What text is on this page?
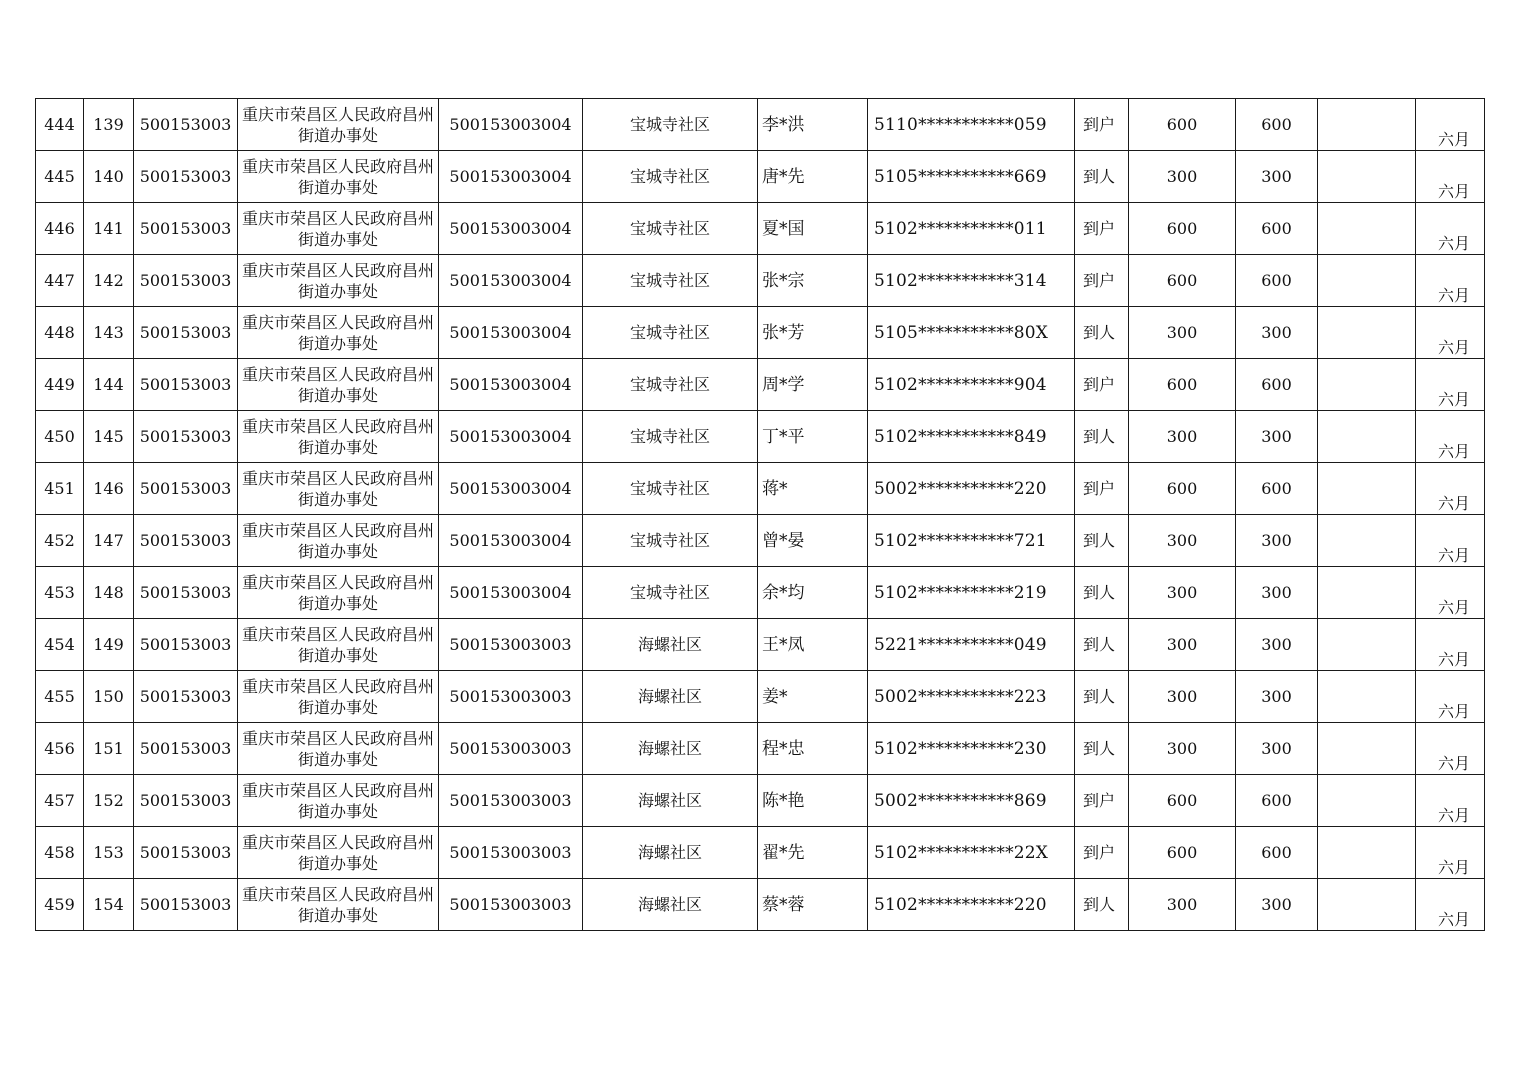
444	139	500153003	重庆市荣昌区人民政府昌州街道办事处	500153003004	宝城寺社区	李*洪	5110***********059	到户	600	600		六月
445	140	500153003	重庆市荣昌区人民政府昌州街道办事处	500153003004	宝城寺社区	唐*先	5105***********669	到人	300	300		六月
446	141	500153003	重庆市荣昌区人民政府昌州街道办事处	500153003004	宝城寺社区	夏*国	5102***********011	到户	600	600		六月
447	142	500153003	重庆市荣昌区人民政府昌州街道办事处	500153003004	宝城寺社区	张*宗	5102***********314	到户	600	600		六月
448	143	500153003	重庆市荣昌区人民政府昌州街道办事处	500153003004	宝城寺社区	张*芳	5105***********80X	到人	300	300		六月
449	144	500153003	重庆市荣昌区人民政府昌州街道办事处	500153003004	宝城寺社区	周*学	5102***********904	到户	600	600		六月
450	145	500153003	重庆市荣昌区人民政府昌州街道办事处	500153003004	宝城寺社区	丁*平	5102***********849	到人	300	300		六月
451	146	500153003	重庆市荣昌区人民政府昌州街道办事处	500153003004	宝城寺社区	蒋*	5002***********220	到户	600	600		六月
452	147	500153003	重庆市荣昌区人民政府昌州街道办事处	500153003004	宝城寺社区	曾*晏	5102***********721	到人	300	300		六月
453	148	500153003	重庆市荣昌区人民政府昌州街道办事处	500153003004	宝城寺社区	余*均	5102***********219	到人	300	300		六月
454	149	500153003	重庆市荣昌区人民政府昌州街道办事处	500153003003	海螺社区	王*凤	5221***********049	到人	300	300		六月
455	150	500153003	重庆市荣昌区人民政府昌州街道办事处	500153003003	海螺社区	姜*	5002***********223	到人	300	300		六月
456	151	500153003	重庆市荣昌区人民政府昌州街道办事处	500153003003	海螺社区	程*忠	5102***********230	到人	300	300		六月
457	152	500153003	重庆市荣昌区人民政府昌州街道办事处	500153003003	海螺社区	陈*艳	5002***********869	到户	600	600		六月
458	153	500153003	重庆市荣昌区人民政府昌州街道办事处	500153003003	海螺社区	翟*先	5102***********22X	到户	600	600		六月
459	154	500153003	重庆市荣昌区人民政府昌州街道办事处	500153003003	海螺社区	蔡*蓉	5102***********220	到人	300	300		六月
